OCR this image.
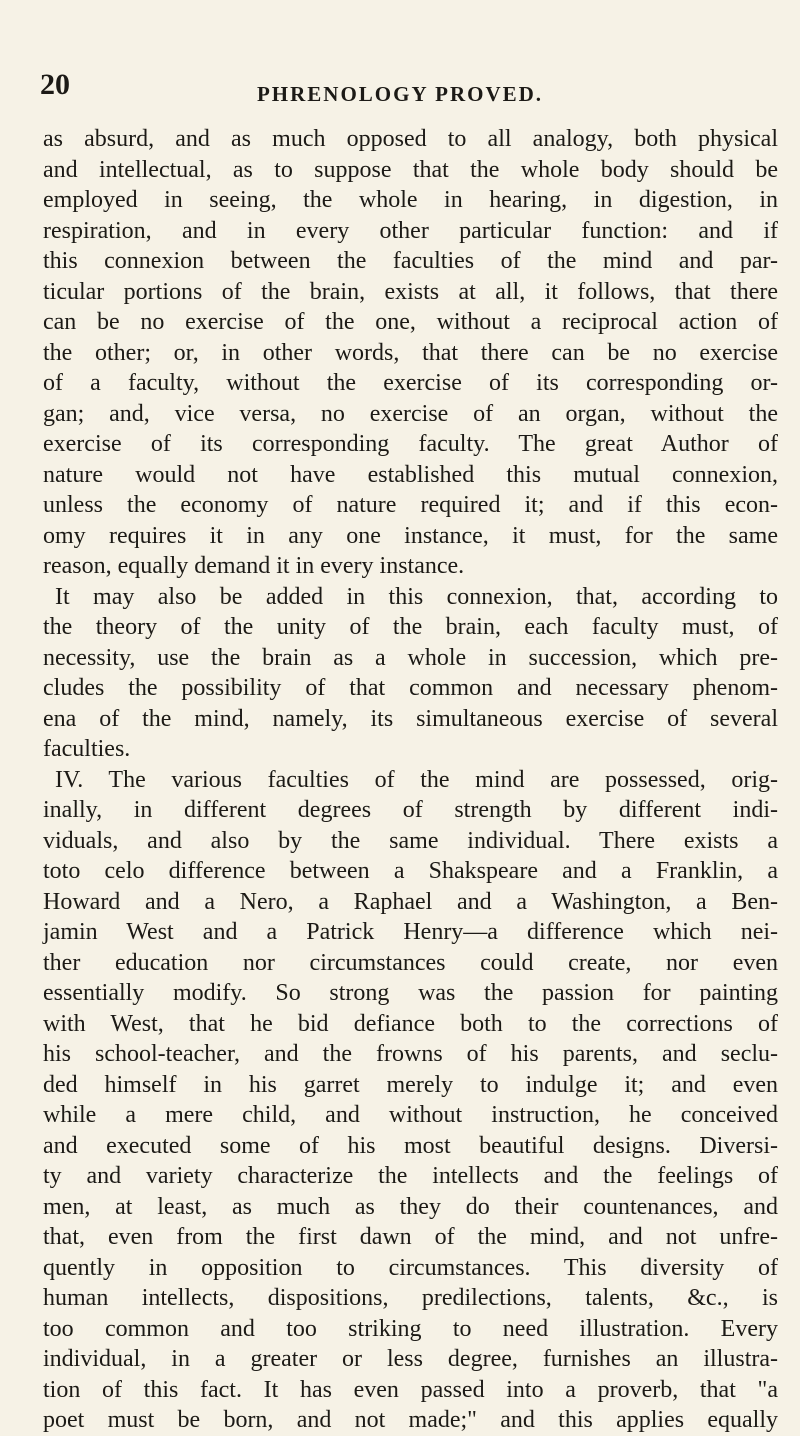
20	PHRENOLOGY PROVED.
as absurd, and as much opposed to all analogy, both physical
and intellectual, as to suppose that the whole body should be
employed in seeing, the whole in hearing, in digestion, in
respiration, and in every other particular function: and if
this connexion between the faculties of the mind and par-
ticular portions of the brain, exists at all, it follows, that there
can be no exercise of the one, without a reciprocal action of
the other; or, in other words, that there can be no exercise
of a faculty, without the exercise of its corresponding or-
gan; and, vice versa, no exercise of an organ, without the
exercise of its corresponding faculty. The great Author of
nature would not have established this mutual connexion,
unless the economy of nature required it; and if this econ-
omy requires it in any one instance, it must, for the same
reason, equally demand it in every instance.
It may also be added in this connexion, that, according to
the theory of the unity of the brain, each faculty must, of
necessity, use the brain as a whole in succession, which pre-
cludes the possibility of that common and necessary phenom-
ena of the mind, namely, its simultaneous exercise of several
faculties.
IV. The various faculties of the mind are possessed, orig-
inally, in different degrees of strength by different indi-
viduals, and also by the same individual. There exists a
toto celo difference between a Shakspeare and a Franklin, a
Howard and a Nero, a Raphael and a Washington, a Ben-
jamin West and a Patrick Henry—a difference which nei-
ther education nor circumstances could create, nor even
essentially modify. So strong was the passion for painting
with West, that he bid defiance both to the corrections of
his school-teacher, and the frowns of his parents, and seclu-
ded himself in his garret merely to indulge it; and even
while a mere child, and without instruction, he conceived
and executed some of his most beautiful designs. Diversi-
ty and variety characterize the intellects and the feelings of
men, at least, as much as they do their countenances, and
that, even from the first dawn of the mind, and not unfre-
quently in opposition to circumstances. This diversity of
human intellects, dispositions, predilections, talents, &c., is
too common and too striking to need illustration. Every
individual, in a greater or less degree, furnishes an illustra-
tion of this fact. It has even passed into a proverb, that "a
poet must be born, and not made;" and this applies equally
